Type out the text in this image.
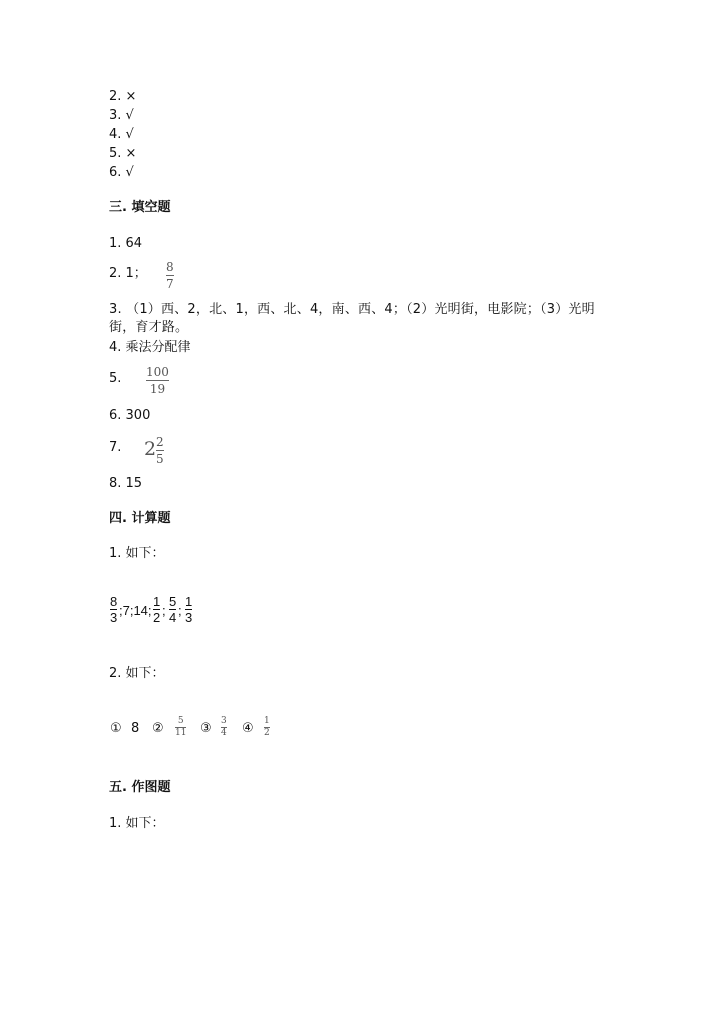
2. ×
3. √
4. √
5. ×
6. √
三. 填空题
1. 64
2. 1； 8
7
3. （1）西、2，北、1，西、北、4，南、西、4；（2）光明街，电影院；（3）光明街，育才路。
4. 乘法分配律
5. 100
19
6. 300
7. 2 2
5
8. 15
四. 计算题
1. 如下：
8
3 ;7;14;
1
2 ;
5
4 ;
1
3
2. 如下：
① 8 ② 5
11 ③ 3
4 ④ 1
2
五. 作图题
1. 如下：
